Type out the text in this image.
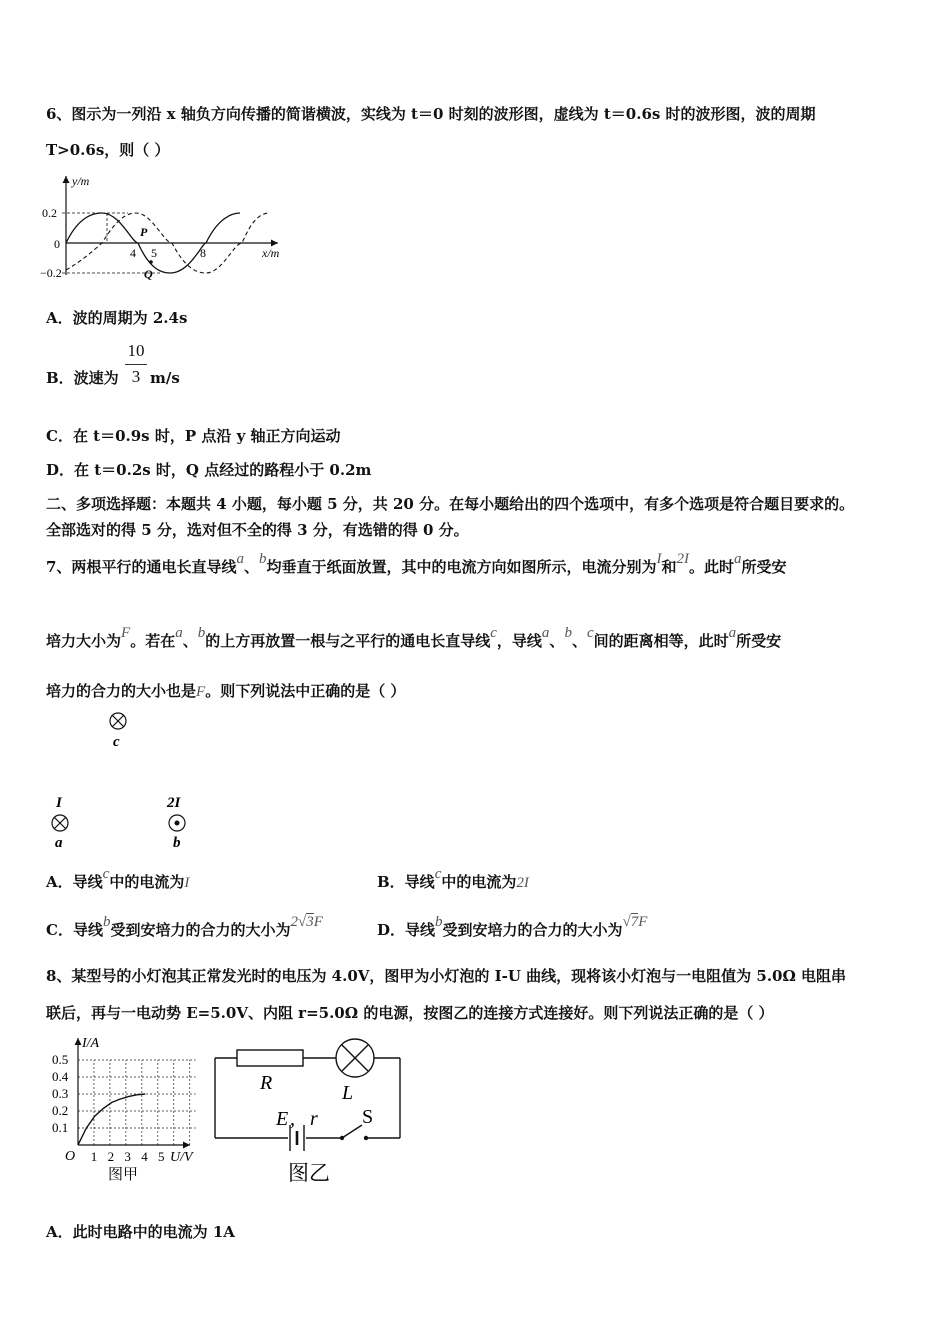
6、图示为一列沿 x 轴负方向传播的简谐横波，实线为 t＝0 时刻的波形图，虚线为 t＝0.6s 时的波形图，波的周期
T>0.6s，则（ ）
0.2
0
−0.2
y/m
x/m
4 5	8
P
Q
A．波的周期为 2.4s
B．波速为
10
3 m/s
C．在 t＝0.9s 时，P 点沿 y 轴正方向运动
D．在 t＝0.2s 时，Q 点经过的路程小于 0.2m
二、多项选择题：本题共 4 小题，每小题 5 分，共 20 分。在每小题给出的四个选项中，有多个选项是符合题目要求的。
全部选对的得 5 分，选对但不全的得 3 分，有选错的得 0 分。
7、两根平行的通电长直导线a、b均垂直于纸面放置，其中的电流方向如图所示，电流分别为I和2I。此时a所受安
培力大小为F。若在a、b的上方再放置一根与之平行的通电长直导线c，导线a、b、c间的距离相等，此时a所受安
培力的合力的大小也是F。则下列说法中正确的是（ ）
c
I
a
2I
b
A．导线c中的电流为I	B．导线c中的电流为2I
C．导线b受到安培力的合力的大小为2√3F	D．导线b受到安培力的合力的大小为√7F
8、某型号的小灯泡其正常发光时的电压为 4.0V，图甲为小灯泡的 I-U 曲线，现将该小灯泡与一电阻值为 5.0Ω 电阻串
联后，再与一电动势 E=5.0V、内阻 r=5.0Ω 的电源，按图乙的连接方式连接好。则下列说法正确的是（ ）
0.5
0.4
0.3
0.2
0.1
1 2 3 4 5
I/A
U/V
O
图甲
R	L
E , r S
图乙
A．此时电路中的电流为 1A
